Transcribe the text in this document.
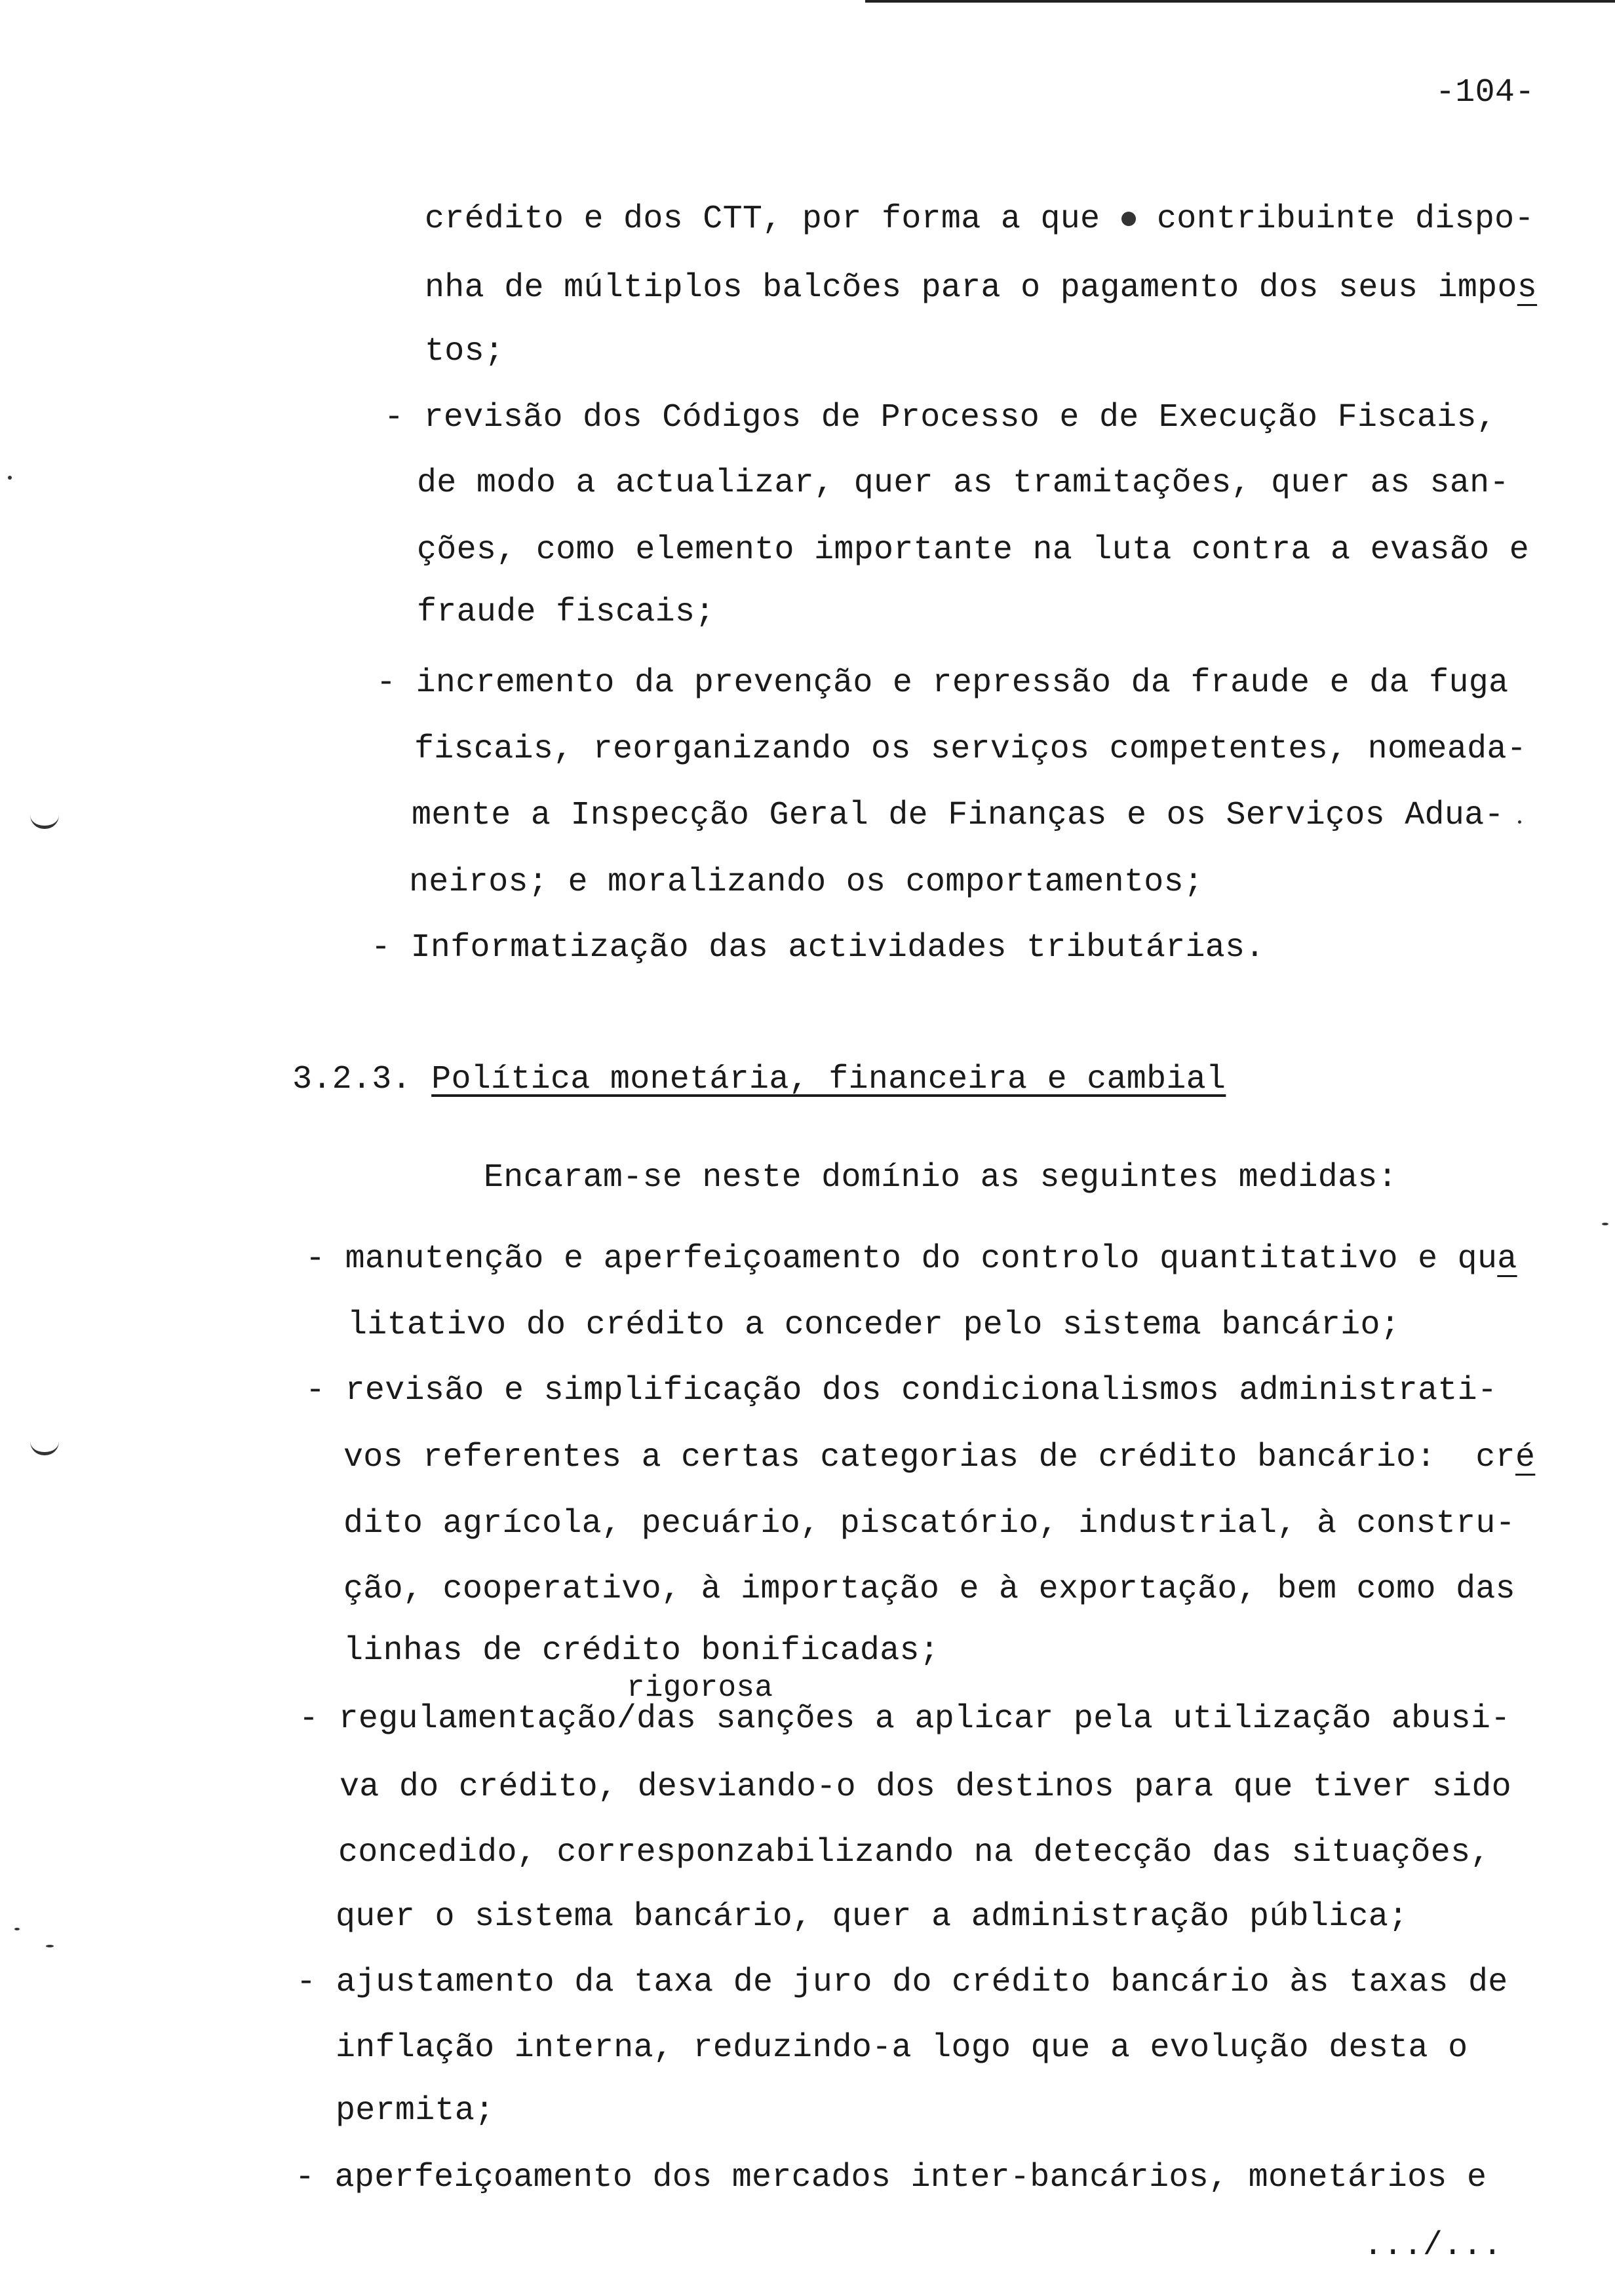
-104-
crédito e dos CTT, por forma a que  contribuinte dispo-
nha de múltiplos balcões para o pagamento dos seus impos
tos;
- revisão dos Códigos de Processo e de Execução Fiscais,
de modo a actualizar, quer as tramitações, quer as san-
ções, como elemento importante na luta contra a evasão e
fraude fiscais;
- incremento da prevenção e repressão da fraude e da fuga
fiscais, reorganizando os serviços competentes, nomeada-
mente a Inspecção Geral de Finanças e os Serviços Adua-
neiros; e moralizando os comportamentos;
- Informatização das actividades tributárias.
3.2.3. Política monetária, financeira e cambial
Encaram-se neste domínio as seguintes medidas:
- manutenção e aperfeiçoamento do controlo quantitativo e qua
litativo do crédito a conceder pelo sistema bancário;
- revisão e simplificação dos condicionalismos administrati-
vos referentes a certas categorias de crédito bancário:  cré
dito agrícola, pecuário, piscatório, industrial, à constru-
ção, cooperativo, à importação e à exportação, bem como das
linhas de crédito bonificadas;
rigorosa
- regulamentação/das sanções a aplicar pela utilização abusi-
va do crédito, desviando-o dos destinos para que tiver sido
concedido, corresponzabilizando na detecção das situações,
quer o sistema bancário, quer a administração pública;
- ajustamento da taxa de juro do crédito bancário às taxas de
inflação interna, reduzindo-a logo que a evolução desta o
permita;
- aperfeiçoamento dos mercados inter-bancários, monetários e
.../...
